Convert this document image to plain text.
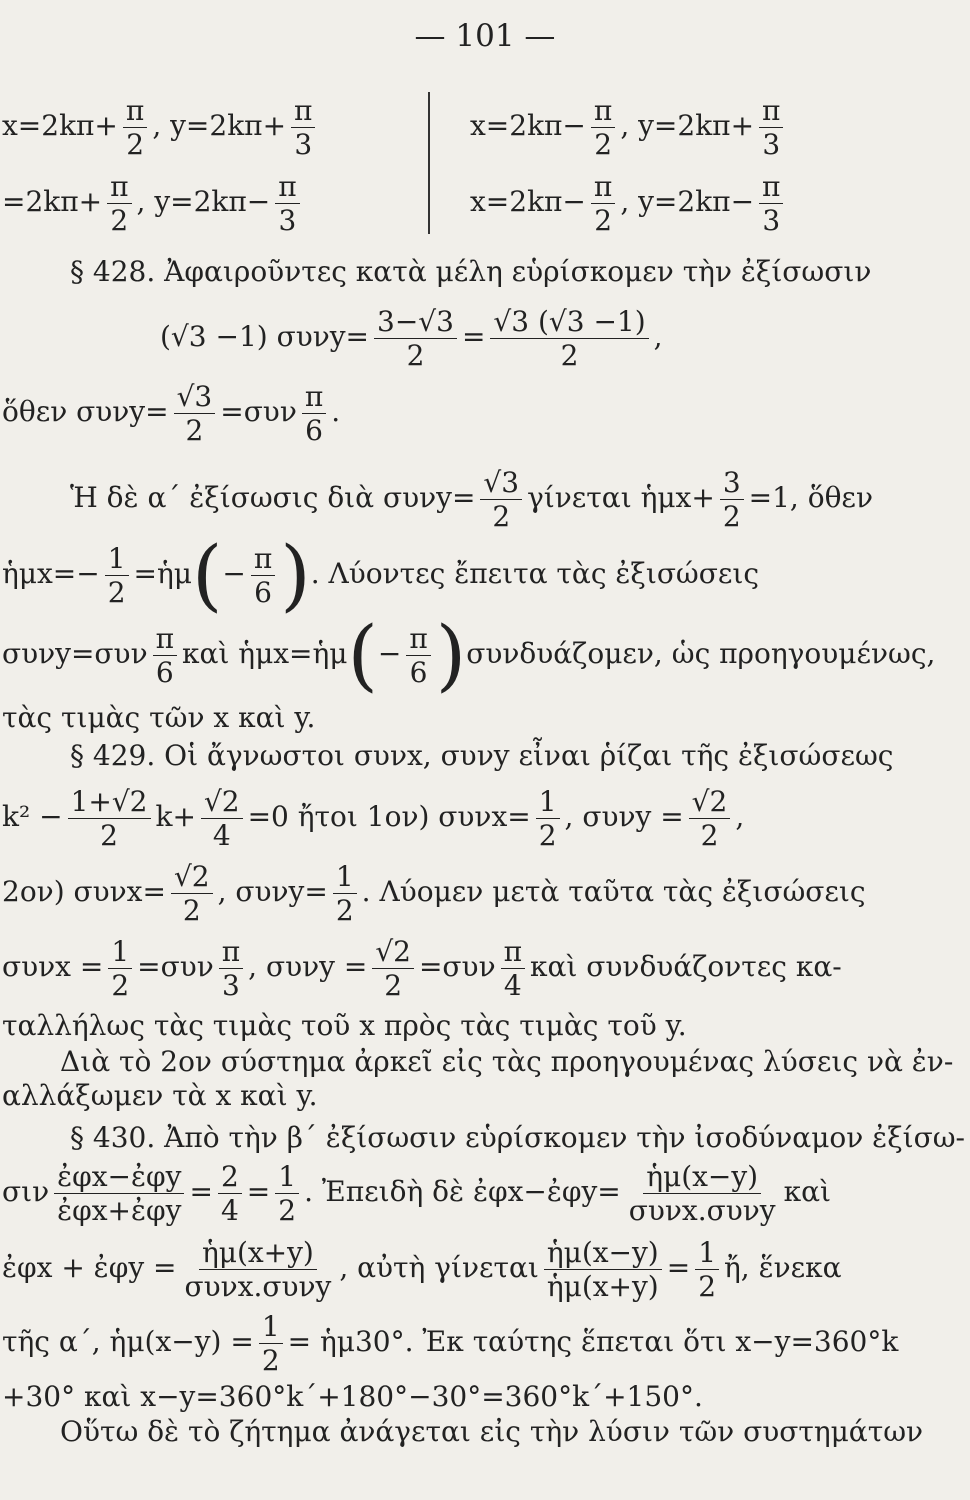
— 101 —
$x=2k\pi+ \frac{\pi}{2}$ , $y=2k\pi+ \frac{\pi}{3}$
$=2k\pi+ \frac{\pi}{2}$ , $y=2k\pi- \frac{\pi}{3}$
$x=2k\pi- \frac{\pi}{2}$ , $y=2k\pi+ \frac{\pi}{3}$
$x=2k\pi- \frac{\pi}{2}$ , $y=2k\pi- \frac{\pi}{3}$
§ 428. Ἀφαιροῦντες κατὰ μέλη εὑρίσκομεν τὴν ἐξίσωσιν
(√3 −1) $\sigma\upsilon\nu y= \frac{3-√3}{2} = \frac{√3 (√3 -1)}{2}$ ,
ὅθεν $\sigma\upsilon\nu y= \frac{√3}{2} =\sigma\upsilon\nu \frac{\pi}{6}$ .
Ἡ δὲ α΄ ἐξίσωσις διὰ $\sigma\upsilon\nu y= \frac{√3}{2}$ γίνεται ἡμx+ $\frac{3}{2} =1$, ὅθεν
ἡμx=− $\frac{1}{2}$ =ἡμ(− $\frac{\pi}{6}$ ). Λύοντες ἔπειτα τὰς ἐξισώσεις
$\sigma\upsilon\nu y=\sigma\upsilon\nu \frac{\pi}{6}$ καὶ ἡμx=ἡμ(− $\frac{\pi}{6} )\sigma\upsilon\nu\delta\upsilon ά\zeta o\mu\varepsilon\nu$, ὡς προηγουμένως,
τὰς τιμὰς τῶν x καὶ y.
§ 429. Οἱ ἄγνωστοι συνx, συνy εἶναι ῥίζαι τῆς ἐξισώσεως
$k^2 - \frac{1+√2}{2} k+ \frac{√2}{4} =0$ ἤτοι 1ον) $\sigma\upsilon\nu x= \frac{1}{2}$ , $\sigma\upsilon\nu y = \frac{√2}{2}$ ,
2ον) $\sigma\upsilon\nu x= \frac{√2}{2}$ , $\sigma\upsilon\nu y= \frac{1}{2}$ . Λύομεν μετὰ ταῦτα τὰς ἐξισώσεις
$\sigma\upsilon\nu x = \frac{1}{2} =\sigma\upsilon\nu \frac{\pi}{3}$ , $\sigma\upsilon\nu y = \frac{√2}{2} =\sigma\upsilon\nu \frac{\pi}{4}$ καὶ συνδυάζοντες κα-
ταλλήλως τὰς τιμὰς τοῦ x πρὸς τὰς τιμὰς τοῦ y.
Διὰ τὸ 2ον σύστημα ἀρκεῖ εἰς τὰς προηγουμένας λύσεις νὰ ἐν-
αλλάξωμεν τὰ x καὶ y.
§ 430. Ἀπὸ τὴν β΄ ἐξίσωσιν εὑρίσκομεν τὴν ἰσοδύναμον ἐξίσω-
σιν $\frac{\text{ἐφx−ἐφy}}{\text{ἐφx+ἐφy}} = \frac{2}{4} = \frac{1}{2}$ . Ἐπειδὴ δὲ ἐφx−ἐφy= $\frac{\text{ἡμ(x−y)}}{\text{συνx.συνy}}$ καὶ
ἐφx + ἐφy = $\frac{\text{ἡμ(x+y)}}{\text{συνx.συνy}}$ , αὐτὴ γίνεται $\frac{\text{ἡμ(x−y)}}{\text{ἡμ(x+y)}} = \frac{1}{2}$ ἤ, ἕνεκα
τῆς α΄, ἡμ(x−y) = $\frac{1}{2}$ = ἡμ30°. Ἐκ ταύτης ἕπεται ὅτι x−y=360°k
+30° καὶ x−y=360°k΄+180°−30°=360°k΄+150°.
Οὕτω δὲ τὸ ζήτημα ἀνάγεται εἰς τὴν λύσιν τῶν συστημάτων
